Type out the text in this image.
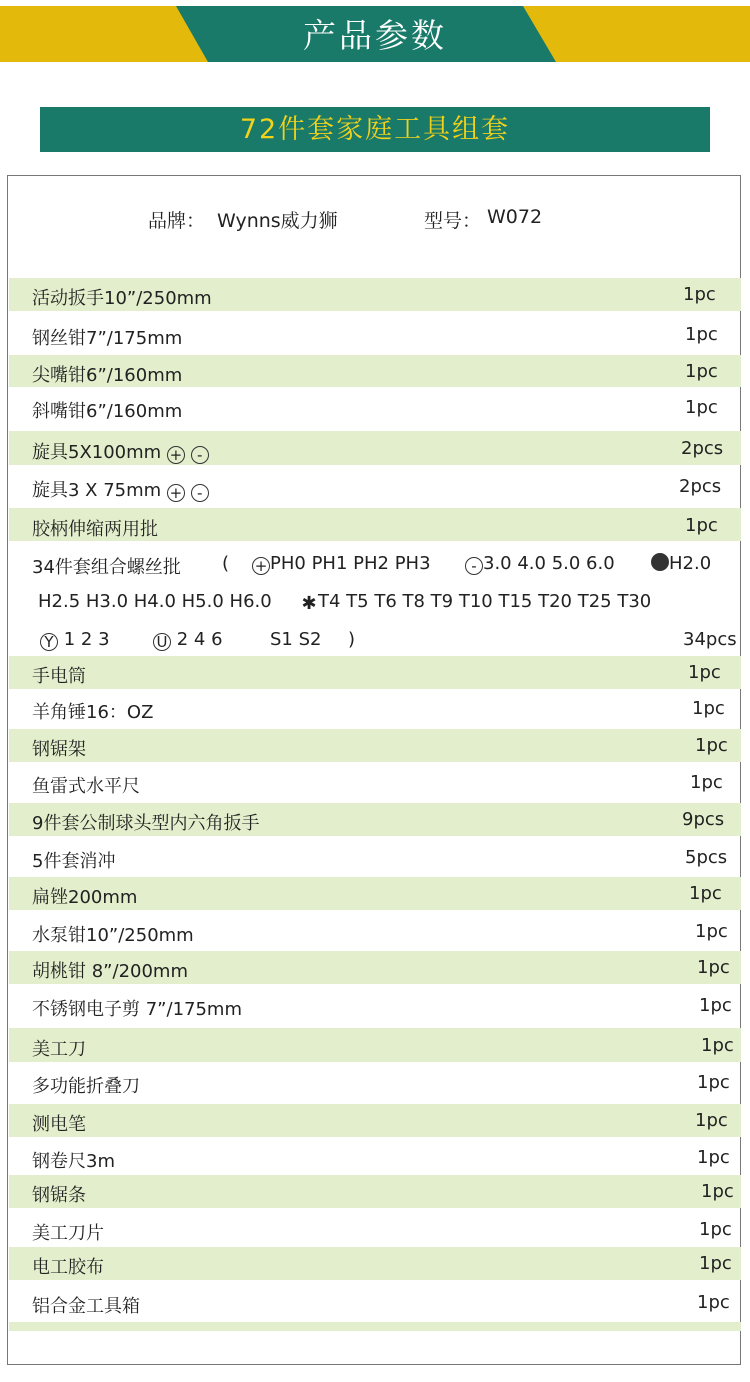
产品参数
72件套家庭工具组套
品牌： Wynns威力狮	型号： W072
活动扳手10”/250mm	1pc
钢丝钳7”/175mm	1pc
尖嘴钳6”/160mm	1pc
斜嘴钳6”/160mm	1pc
旋具5X100mm + -	2pcs
旋具3 X 75mm + -	2pcs
胶柄伸缩两用批	1pc
34件套组合螺丝批 ( + PH0 PH1 PH2 PH3	- 3.0 4.0 5.0 6.0	H2.0
H2.5 H3.0 H4.0 H5.0 H6.0 ✱T4 T5 T6 T8 T9 T10 T15 T20 T25 T30
Y 1 2 3	U 2 4 6	S1 S2 )	34pcs
手电筒	1pc
羊角锤16：OZ	1pc
钢锯架	1pc
鱼雷式水平尺	1pc
9件套公制球头型内六角扳手	9pcs
5件套消冲	5pcs
扁锉200mm	1pc
水泵钳10”/250mm	1pc
胡桃钳 8”/200mm	1pc
不锈钢电子剪 7”/175mm	1pc
美工刀	1pc
多功能折叠刀	1pc
测电笔	1pc
钢卷尺3m	1pc
钢锯条	1pc
美工刀片	1pc
电工胶布	1pc
铝合金工具箱	1pc
